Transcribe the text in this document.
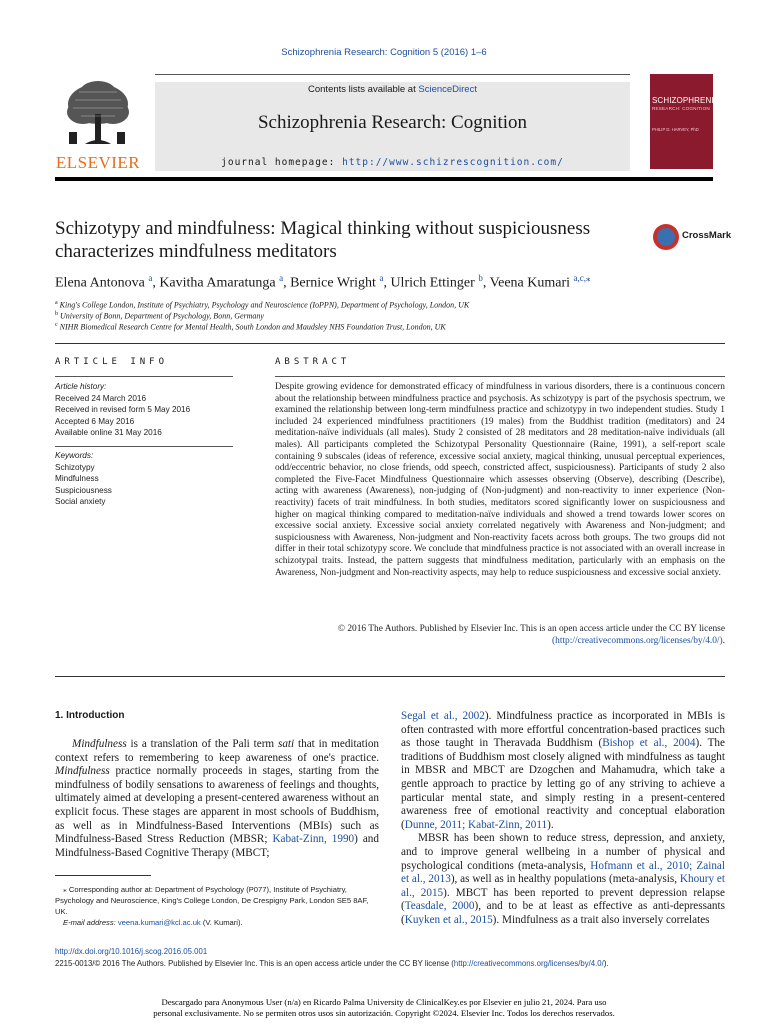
Schizophrenia Research: Cognition 5 (2016) 1–6
ELSEVIER
Contents lists available at ScienceDirect
Schizophrenia Research: Cognition
journal homepage: http://www.schizrescognition.com/
SCHIZOPHRENIA
RESEARCH: COGNITION
PHILIP D. HARVEY, PhD
Schizotypy and mindfulness: Magical thinking without suspiciousness
characterizes mindfulness meditators
CrossMark
Elena Antonova $^a$, Kavitha Amaratunga $^a$, Bernice Wright $^a$, Ulrich Ettinger $^b$, Veena Kumari $^{a,c,⁎}$
$^a$ King's College London, Institute of Psychiatry, Psychology and Neuroscience (IoPPN), Department of Psychology, London, UK
$^b$ University of Bonn, Department of Psychology, Bonn, Germany
$^c$ NIHR Biomedical Research Centre for Mental Health, South London and Maudsley NHS Foundation Trust, London, UK
ARTICLE INFO
Article history:
Received 24 March 2016
Received in revised form 5 May 2016
Accepted 6 May 2016
Available online 31 May 2016
Keywords:
Schizotypy
Mindfulness
Suspiciousness
Social anxiety
ABSTRACT
Despite growing evidence for demonstrated efficacy of mindfulness in various disorders, there is a continuous concern about the relationship between mindfulness practice and psychosis. As schizotypy is part of the psychosis spectrum, we examined the relationship between long-term mindfulness practice and schizotypy in two independent studies. Study 1 included 24 experienced mindfulness practitioners (19 males) from the Buddhist tradition (meditators) and 24 meditation-naïve individuals (all males). Study 2 consisted of 28 meditators and 28 meditation-naïve individuals (all males). All participants completed the Schizotypal Personality Questionnaire (Raine, 1991), a self-report scale containing 9 subscales (ideas of reference, excessive social anxiety, magical thinking, unusual perceptual experiences, odd/eccentric behavior, no close friends, odd speech, constricted affect, suspiciousness). Participants of study 2 also completed the Five-Facet Mindfulness Questionnaire which assesses observing (Observe), describing (Describe), acting with awareness (Awareness), non-judging of (Non-judgment) and non-reactivity to inner experience (Non-reactivity) facets of trait mindfulness. In both studies, meditators scored significantly lower on suspiciousness and higher on magical thinking compared to meditation-naïve individuals and showed a trend towards lower scores on excessive social anxiety. Excessive social anxiety correlated negatively with Awareness and Non-judgment; and suspiciousness with Awareness, Non-judgment and Non-reactivity facets across both groups. The two groups did not differ in their total schizotypy score. We conclude that mindfulness practice is not associated with an overall increase in schizotypal traits. Instead, the pattern suggests that mindfulness meditation, particularly with an emphasis on the Awareness, Non-judgment and Non-reactivity aspects, may help to reduce suspiciousness and excessive social anxiety.
© 2016 The Authors. Published by Elsevier Inc. This is an open access article under the CC BY license
(http://creativecommons.org/licenses/by/4.0/).
1. Introduction

Mindfulness is a translation of the Pali term sati that in meditation context refers to remembering to keep awareness of one's practice. Mindfulness practice normally proceeds in stages, starting from the mindfulness of bodily sensations to awareness of feelings and thoughts, ultimately aimed at developing a present-centered awareness without an explicit focus. These stages are apparent in most schools of Buddhism, as well as in Mindfulness-Based Interventions (MBIs) such as Mindfulness-Based Stress Reduction (MBSR; Kabat-Zinn, 1990) and Mindfulness-Based Cognitive Therapy (MBCT;

⁎ Corresponding author at: Department of Psychology (P077), Institute of Psychiatry, Psychology and Neuroscience, King's College London, De Crespigny Park, London SE5 8AF, UK.
E-mail address: veena.kumari@kcl.ac.uk (V. Kumari).

Segal et al., 2002). Mindfulness practice as incorporated in MBIs is often contrasted with more effortful concentration-based practices such as those taught in Theravada Buddhism (Bishop et al., 2004). The traditions of Buddhism most closely aligned with mindfulness as taught in MBSR and MBCT are Dzogchen and Mahamudra, which take a gentle approach to practice by letting go of any striving to achieve a particular mental state, and simply resting in a present-centered awareness free of emotional reactivity and conceptual elaboration (Dunne, 2011; Kabat-Zinn, 2011).

MBSR has been shown to reduce stress, depression, and anxiety, and to improve general wellbeing in a number of physical and psychological conditions (meta-analysis, Hofmann et al., 2010; Zainal et al., 2013), as well as in healthy populations (meta-analysis, Khoury et al., 2015). MBCT has been reported to prevent depression relapse (Teasdale, 2000), and to be at least as effective as anti-depressants (Kuyken et al., 2015). Mindfulness as a trait also inversely correlates

http://dx.doi.org/10.1016/j.scog.2016.05.001
2215-0013/© 2016 The Authors. Published by Elsevier Inc. This is an open access article under the CC BY license (http://creativecommons.org/licenses/by/4.0/).
Descargado para Anonymous User (n/a) en Ricardo Palma University de ClinicalKey.es por Elsevier en julio 21, 2024. Para uso
personal exclusivamente. No se permiten otros usos sin autorización. Copyright ©2024. Elsevier Inc. Todos los derechos reservados.
